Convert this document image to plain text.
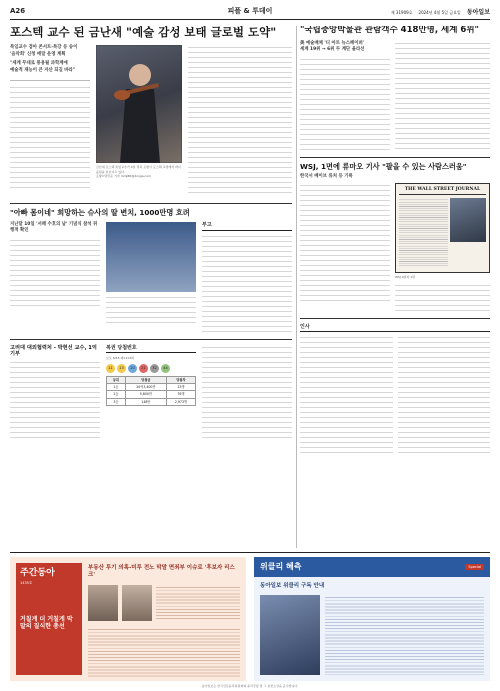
A26	피플 & 투데이	제 31909호 2024년 4월 5일 금요일 동아일보
포스텍 교수 된 금난새 "예술 감성 보태 글로벌 도약"
특임교수 겸아 콘서트-특강 등 송이
'음악회' 신청 매달 운영 계획
"세계 무대로 통용될 과학계에
예술적 재능이 큰 자산 되길 바라"
금난새 포스텍 특임교수가 4일 경북 포항시 포스텍 교정에서 바이올린을 선보이고 있다.
포항=명민준 기자 mmj86@donga.com
"아빠 몸이네" 희망하는 슈사의 딸 변치, 1000만명 흐려
지난달 10일 '서해 수호의 날' 기념식 참석 뒤 행적 확인
부고
고려대 대외협력처 - 박현선 교수, 1억 기부
복권 당첨번호
로또 6/45 제1113회
11	13	20	21	32	44
등위	당첨금	당첨자
1등	20억3,400만	13명
2등	5,800만	76명
3등	148만	2,973명
"국립중앙박물관 관람객수 418만명, 세계 6위"
美 예술매체 '디 아트 뉴스페이퍼'
세계 19위 → 6위 두 계단 올라선
WSJ, 1면에 류마오 기사 "팔을 수 있는 사람스러움"
한국서 베이브 류처 등 기록
THE WALL STREET JOURNAL
WSJ 4일자 1면
인사
주간동아
1435호
거칠게 더 거칠게 막말의 질식한 총선
부동산 투기 의혹-미투 전노 막말 면죄부 이슈로 '후보자 리스크'
위클리 혜측	Special
동아일보 위클리 구독 안내
동아일보는 한국신문윤리위원회의 윤리강령 및 그 실천요강을 준수합니다.
